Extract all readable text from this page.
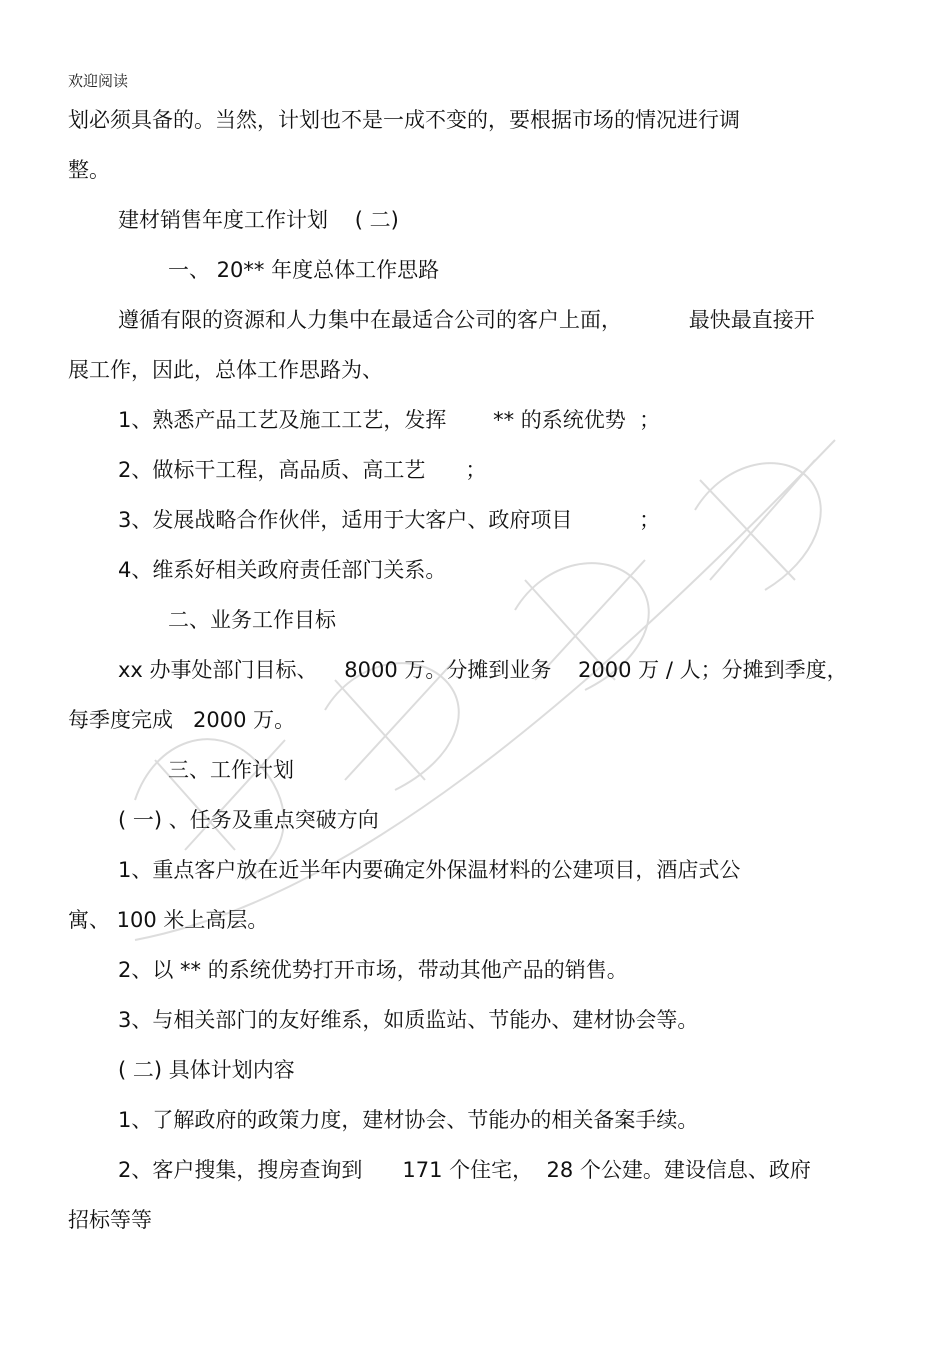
欢迎阅读
划必须具备的。当然，计划也不是一成不变的，要根据市场的情况进行调
整。
建材销售年度工作计划    ( 二)
一、 20** 年度总体工作思路
遵循有限的资源和人力集中在最适合公司的客户上面，          最快最直接开
展工作，因此，总体工作思路为、
1、熟悉产品工艺及施工工艺，发挥       ** 的系统优势  ；
2、做标干工程，高品质、高工艺      ；
3、发展战略合作伙伴，适用于大客户、政府项目          ；
4、维系好相关政府责任部门关系。
二、业务工作目标
xx 办事处部门目标、    8000 万。分摊到业务    2000 万 / 人；分摊到季度，
每季度完成   2000 万。
三、工作计划
( 一) 、任务及重点突破方向
1、重点客户放在近半年内要确定外保温材料的公建项目，酒店式公
寓、 100 米上高层。
2、以 ** 的系统优势打开市场，带动其他产品的销售。
3、与相关部门的友好维系，如质监站、节能办、建材协会等。
( 二) 具体计划内容
1、了解政府的政策力度，建材协会、节能办的相关备案手续。
2、客户搜集，搜房查询到      171 个住宅，  28 个公建。建设信息、政府
招标等等
